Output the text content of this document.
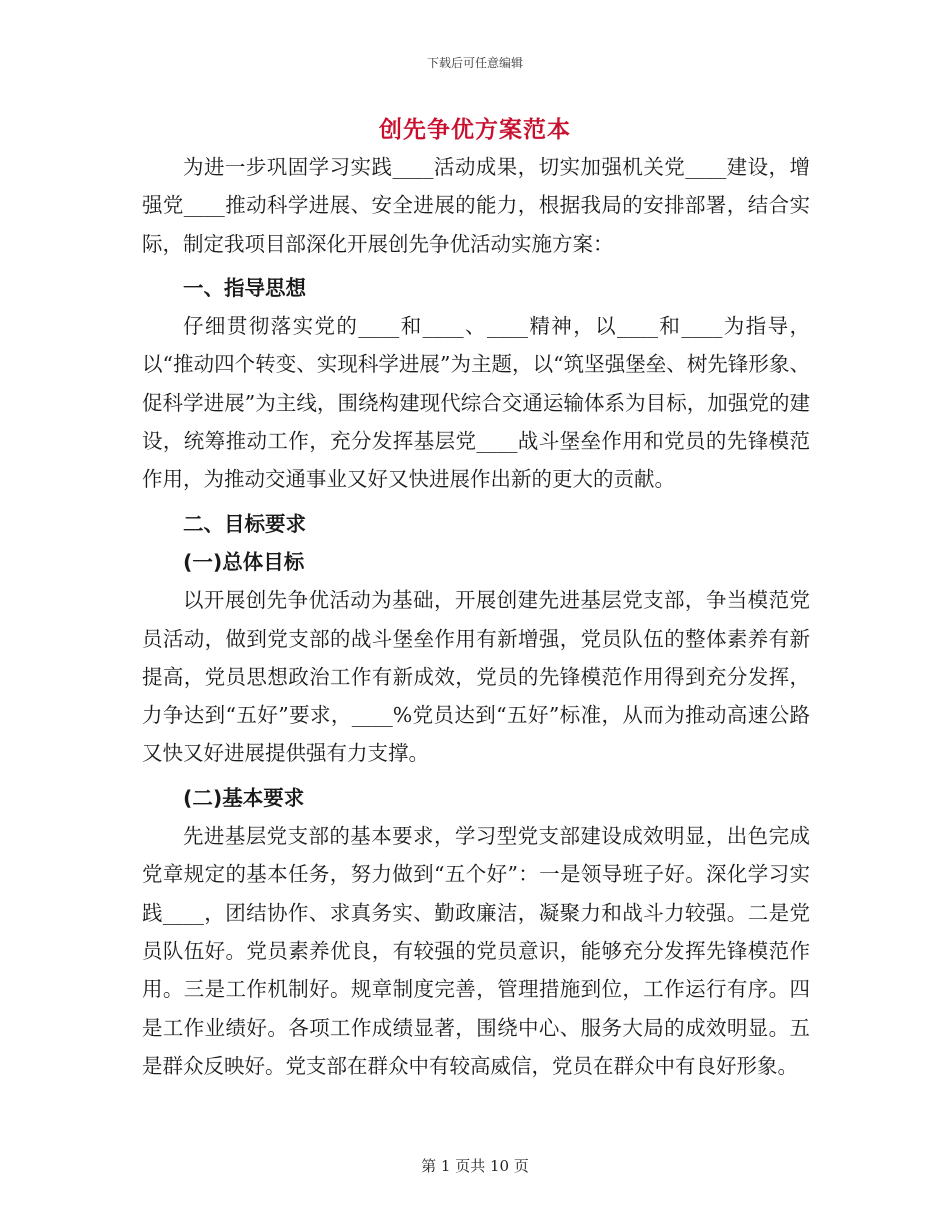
下载后可任意编辑
创先争优方案范本

为进一步巩固学习实践____活动成果，切实加强机关党____建设，增强党____推动科学进展、安全进展的能力，根据我局的安排部署，结合实际，制定我项目部深化开展创先争优活动实施方案：

一、指导思想

仔细贯彻落实党的____和____、____精神，以____和____为指导，以“推动四个转变、实现科学进展”为主题，以“筑坚强堡垒、树先锋形象、促科学进展”为主线，围绕构建现代综合交通运输体系为目标，加强党的建设，统筹推动工作，充分发挥基层党____战斗堡垒作用和党员的先锋模范作用，为推动交通事业又好又快进展作出新的更大的贡献。

二、目标要求
(一)总体目标

以开展创先争优活动为基础，开展创建先进基层党支部，争当模范党员活动，做到党支部的战斗堡垒作用有新增强，党员队伍的整体素养有新提高，党员思想政治工作有新成效，党员的先锋模范作用得到充分发挥，力争达到“五好”要求，____%党员达到“五好”标准，从而为推动高速公路又快又好进展提供强有力支撑。

(二)基本要求

先进基层党支部的基本要求，学习型党支部建设成效明显，出色完成党章规定的基本任务，努力做到“五个好”：一是领导班子好。深化学习实践____，团结协作、求真务实、勤政廉洁，凝聚力和战斗力较强。二是党员队伍好。党员素养优良，有较强的党员意识，能够充分发挥先锋模范作用。三是工作机制好。规章制度完善，管理措施到位，工作运行有序。四是工作业绩好。各项工作成绩显著，围绕中心、服务大局的成效明显。五是群众反映好。党支部在群众中有较高威信，党员在群众中有良好形象。

第 1 页共 10 页
